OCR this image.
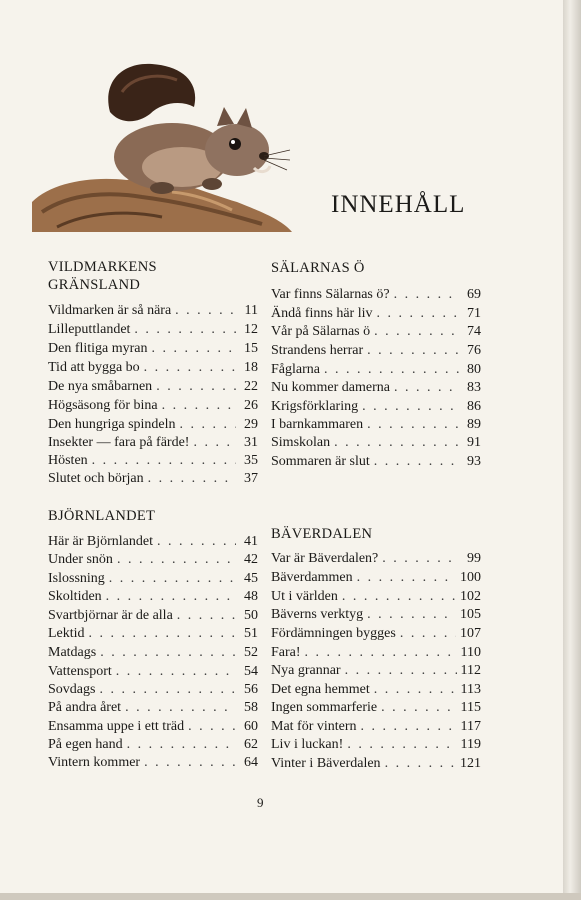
INNEHÅLL
VILDMARKENS
GRÄNSLAND
Vildmarken är så nära . . .	11
Lilleputtlandet . . .	12
Den flitiga myran . . .	15
Tid att bygga bo . . .	18
De nya småbarnen . . .	22
Högsäsong för bina . . .	26
Den hungriga spindeln . . .	29
Insekter — fara på färde! . . .	31
Hösten . . .	35
Slutet och början . . .	37
SÄLARNAS Ö
Var finns Sälarnas ö? . . .	69
Ändå finns här liv . . .	71
Vår på Sälarnas ö . . .	74
Strandens herrar . . .	76
Fåglarna . . .	80
Nu kommer damerna . . .	83
Krigsförklaring . . .	86
I barnkammaren . . .	89
Simskolan . . .	91
Sommaren är slut . . .	93
BJÖRNLANDET
Här är Björnlandet . . .	41
Under snön . . .	42
Islossning . . .	45
Skoltiden . . .	48
Svartbjörnar är de alla . . .	50
Lektid . . .	51
Matdags . . .	52
Vattensport . . .	54
Sovdags . . .	56
På andra året . . .	58
Ensamma uppe i ett träd . . .	60
På egen hand . . .	62
Vintern kommer . . .	64
BÄVERDALEN
Var är Bäverdalen? . . .	99
Bäverdammen . . .	100
Ut i världen . . .	102
Bäverns verktyg . . .	105
Fördämningen bygges . . .	107
Fara! . . .	110
Nya grannar . . .	112
Det egna hemmet . . .	113
Ingen sommarferie . . .	115
Mat för vintern . . .	117
Liv i luckan! . . .	119
Vinter i Bäverdalen . . .	121
9
